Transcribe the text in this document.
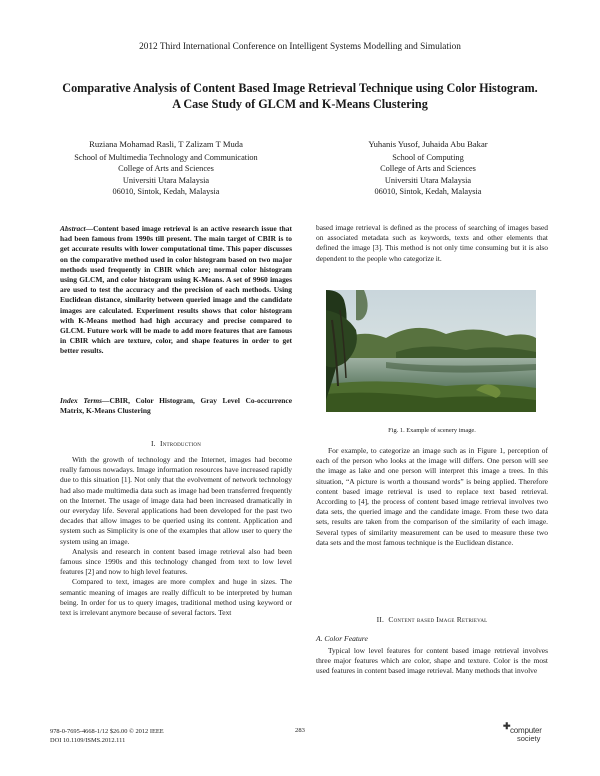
2012 Third International Conference on Intelligent Systems Modelling and Simulation
Comparative Analysis of Content Based Image Retrieval Technique using Color Histogram. A Case Study of GLCM and K-Means Clustering
Ruziana Mohamad Rasli, T Zalizam T Muda
School of Multimedia Technology and Communication
College of Arts and Sciences
Universiti Utara Malaysia
06010, Sintok, Kedah, Malaysia
Yuhanis Yusof, Juhaida Abu Bakar
School of Computing
College of Arts and Sciences
Universiti Utara Malaysia
06010, Sintok, Kedah, Malaysia
Abstract—Content based image retrieval is an active research issue that had been famous from 1990s till present. The main target of CBIR is to get accurate results with lower computational time. This paper discusses on the comparative method used in color histogram based on two major methods used frequently in CBIR which are; normal color histogram using GLCM, and color histogram using K-Means. A set of 9960 images are used to test the accuracy and the precision of each methods. Using Euclidean distance, similarity between queried image and the candidate images are calculated. Experiment results shows that color histogram with K-Means method had high accuracy and precise compared to GLCM. Future work will be made to add more features that are famous in CBIR which are texture, color, and shape features in order to get better results.
Index Terms—CBIR, Color Histogram, Gray Level Co-occurrence Matrix, K-Means Clustering
I. Introduction

With the growth of technology and the Internet, images had become really famous nowadays. Image information resources have increased rapidly due to this situation [1]. Not only that the evolvement of network technology had also made multimedia data such as image had been transferred frequently on the Internet. The usage of image data had been increased dramatically in our everyday life. Several applications had been developed for the past two decades that allow images to be queried using its content. Application and system such as Simplicity is one of the examples that allow user to query the system using an image.

Analysis and research in content based image retrieval also had been famous since 1990s and this technology changed from text to low level features [2] and now to high level features.

Compared to text, images are more complex and huge in sizes. The semantic meaning of images are really difficult to be interpreted by human being. In order for us to query images, traditional method using keyword or text is irrelevant anymore because of several factors. Text

based image retrieval is defined as the process of searching of images based on associated metadata such as keywords, texts and other elements that defined the image [3]. This method is not only time consuming but it is also dependent to the people who categorize it.
Fig. 1. Example of scenery image.

For example, to categorize an image such as in Figure 1, perception of each of the person who looks at the image will differs. One person will see the image as lake and one person will interpret this image a trees. In this situation, “A picture is worth a thousand words” is being applied. Therefore content based image retrieval is used to replace text based retrieval. According to [4], the process of content based image retrieval involves two data sets, the queried image and the candidate image. From these two data sets, results are taken from the comparison of the similarity of each image. Several types of similarity measurement can be used to measure these two data sets and the most famous technique is the Euclidean distance.

II. Content based Image Retrieval
A. Color Feature

Typical low level features for content based image retrieval involves three major features which are color, shape and texture. Color is the most used features in content based image retrieval. Many methods that involve

978-0-7695-4668-1/12 $26.00 © 2012 IEEE
DOI 10.1109/ISMS.2012.111
283	✚ computer
society
